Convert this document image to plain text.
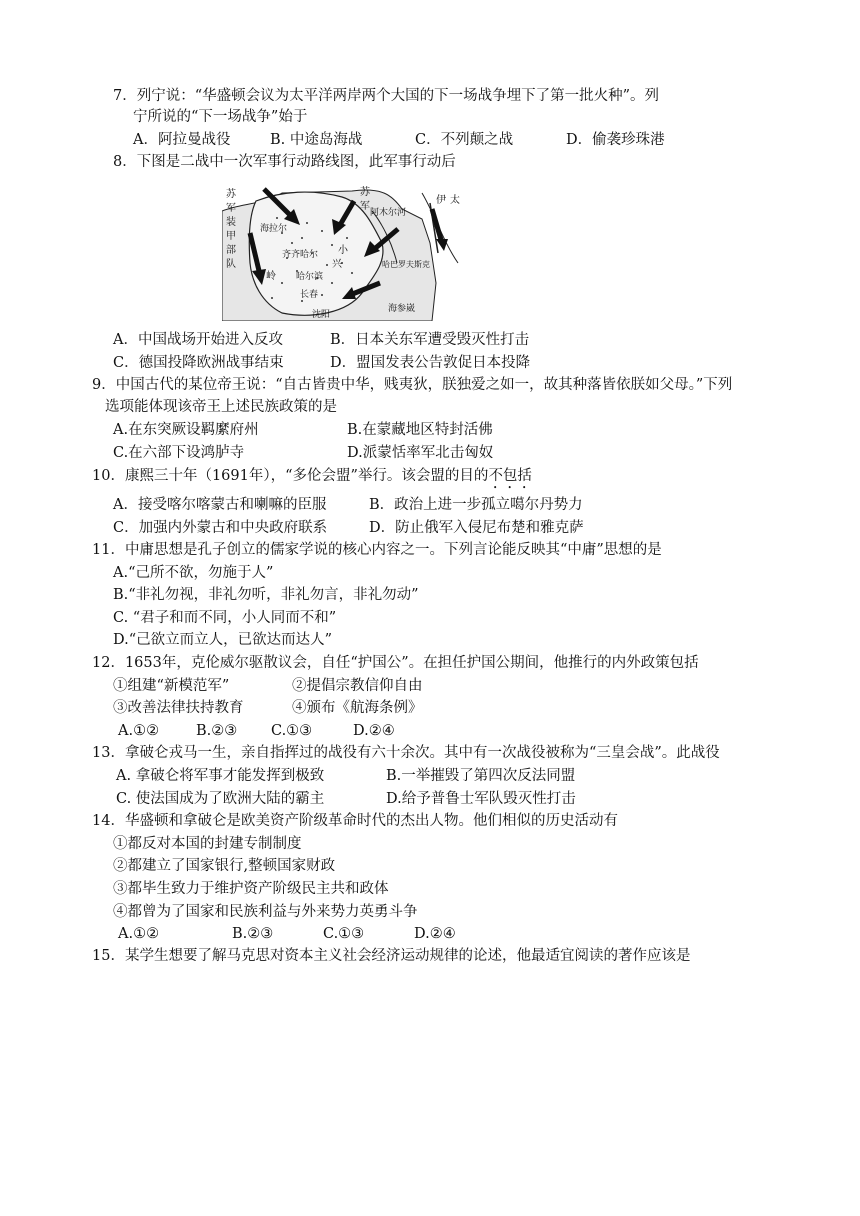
7．列宁说：“华盛顿会议为太平洋两岸两个大国的下一场战争埋下了第一批火种”。列
宁所说的“下一场战争”始于
A．阿拉曼战役	B. 中途岛海战	C．不列颠之战	D．偷袭珍珠港
8．下图是二战中一次军事行动路线图，此军事行动后
苏
军
装
甲
部
队
海拉尔
苏
军 阿木尔河
齐齐哈尔 小
兴
哈尔滨
岭
长春
哈巴罗夫斯克
伊 太
海参崴
沈阳
A．中国战场开始进入反攻	B．日本关东军遭受毁灭性打击
C．德国投降欧洲战事结束	D．盟国发表公告敦促日本投降
9．中国古代的某位帝王说：“自古皆贵中华，贱夷狄，朕独爱之如一，故其种落皆依朕如父母。”下列
选项能体现该帝王上述民族政策的是
A.在东突厥设羁縻府州	B.在蒙藏地区特封活佛
C.在六部下设鸿胪寺	D.派蒙恬率军北击匈奴
10．康熙三十年（1691年），“多伦会盟”举行。该会盟的目的不包括
A．接受喀尔喀蒙古和喇嘛的臣服	B．政治上进一步孤立噶尔丹势力
C．加强内外蒙古和中央政府联系	D．防止俄军入侵尼布楚和雅克萨
11．中庸思想是孔子创立的儒家学说的核心内容之一。下列言论能反映其“中庸”思想的是
A.“己所不欲，勿施于人”
B.“非礼勿视，非礼勿听，非礼勿言，非礼勿动”
C. “君子和而不同，小人同而不和”
D.“己欲立而立人，已欲达而达人”
12．1653年，克伦威尔驱散议会，自任“护国公”。在担任护国公期间，他推行的内外政策包括
①组建“新模范军”	②提倡宗教信仰自由
③改善法律扶持教育	④颁布《航海条例》
A.①②	B.②③ C.①③	D.②④
13．拿破仑戎马一生，亲自指挥过的战役有六十余次。其中有一次战役被称为“三皇会战”。此战役
A. 拿破仑将军事才能发挥到极致	B.一举摧毁了第四次反法同盟
C. 使法国成为了欧洲大陆的霸主	D.给予普鲁士军队毁灭性打击
14．华盛顿和拿破仑是欧美资产阶级革命时代的杰出人物。他们相似的历史活动有
①都反对本国的封建专制制度
②都建立了国家银行,整顿国家财政
③都毕生致力于维护资产阶级民主共和政体
④都曾为了国家和民族利益与外来势力英勇斗争
A.①②	B.②③	C.①③	D.②④
15．某学生想要了解马克思对资本主义社会经济运动规律的论述，他最适宜阅读的著作应该是
